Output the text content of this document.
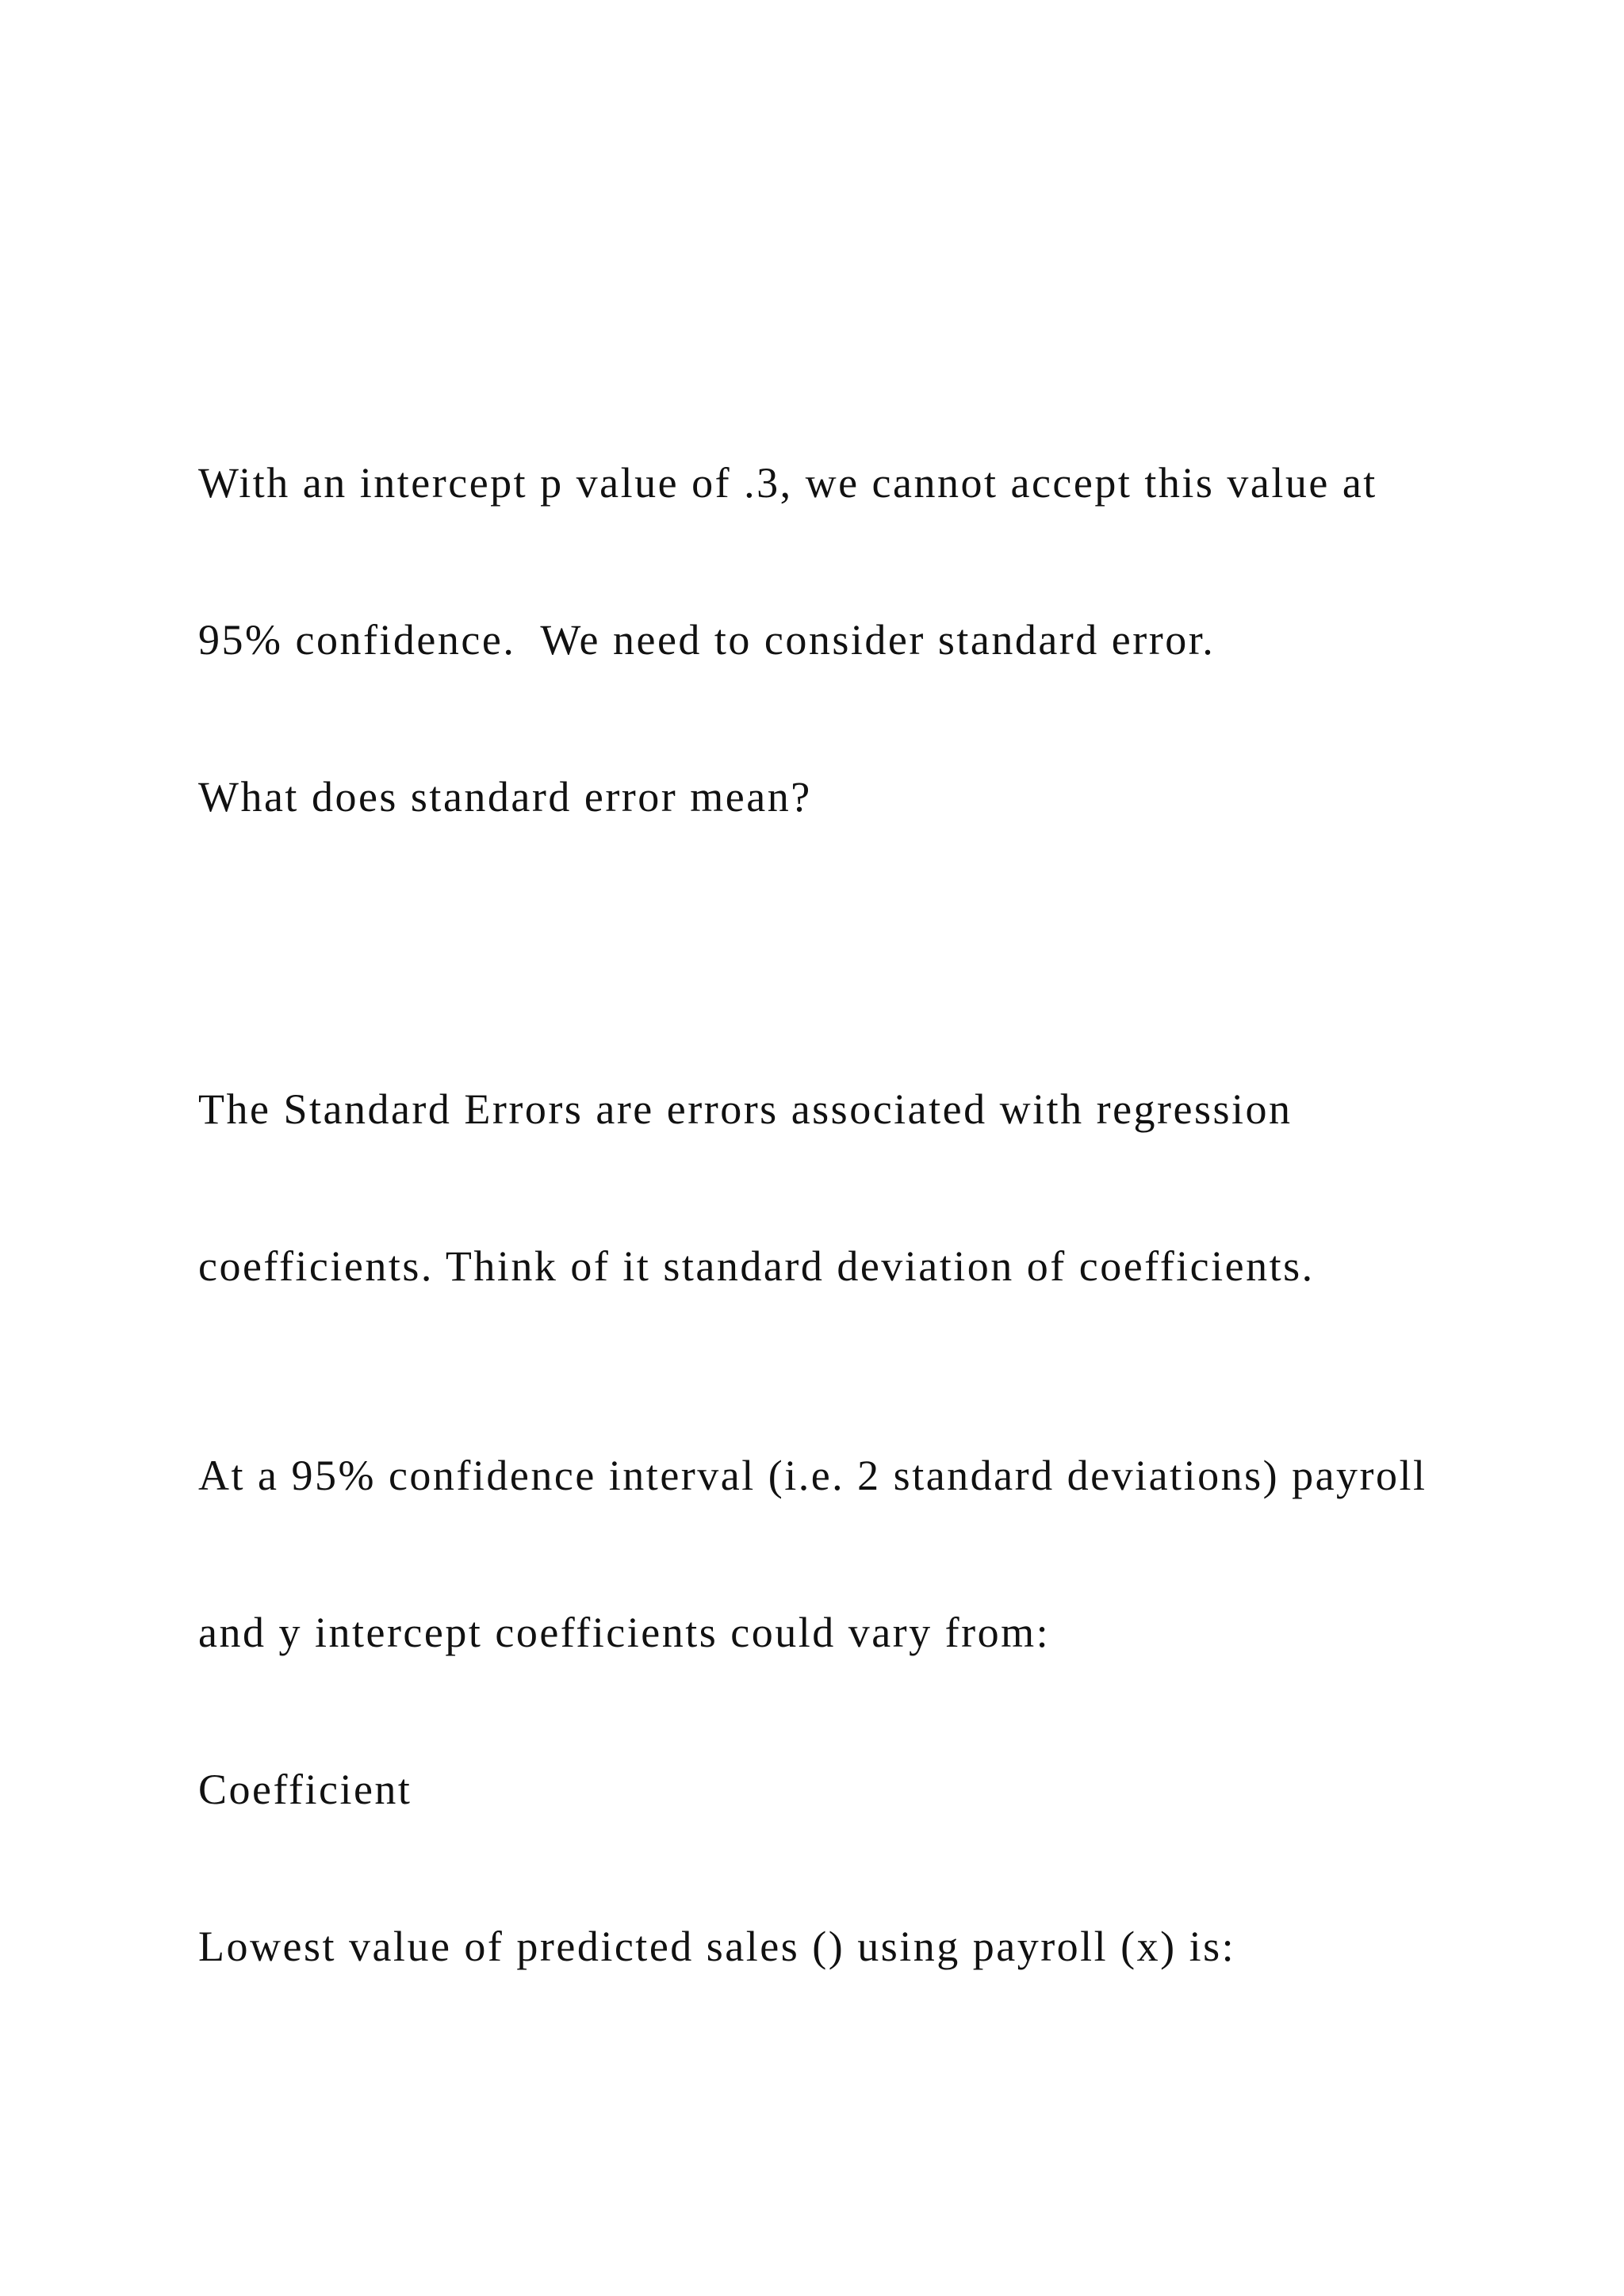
With an intercept p value of .3, we cannot accept this value at

95% confidence.  We need to consider standard error.

What does standard error mean?

The Standard Errors are errors associated with regression

coefficients. Think of it standard deviation of coefficients.

At a 95% confidence interval (i.e. 2 standard deviations) payroll

and y intercept coefficients could vary from:

Coefficient

Lowest value of predicted sales () using payroll (x) is:
